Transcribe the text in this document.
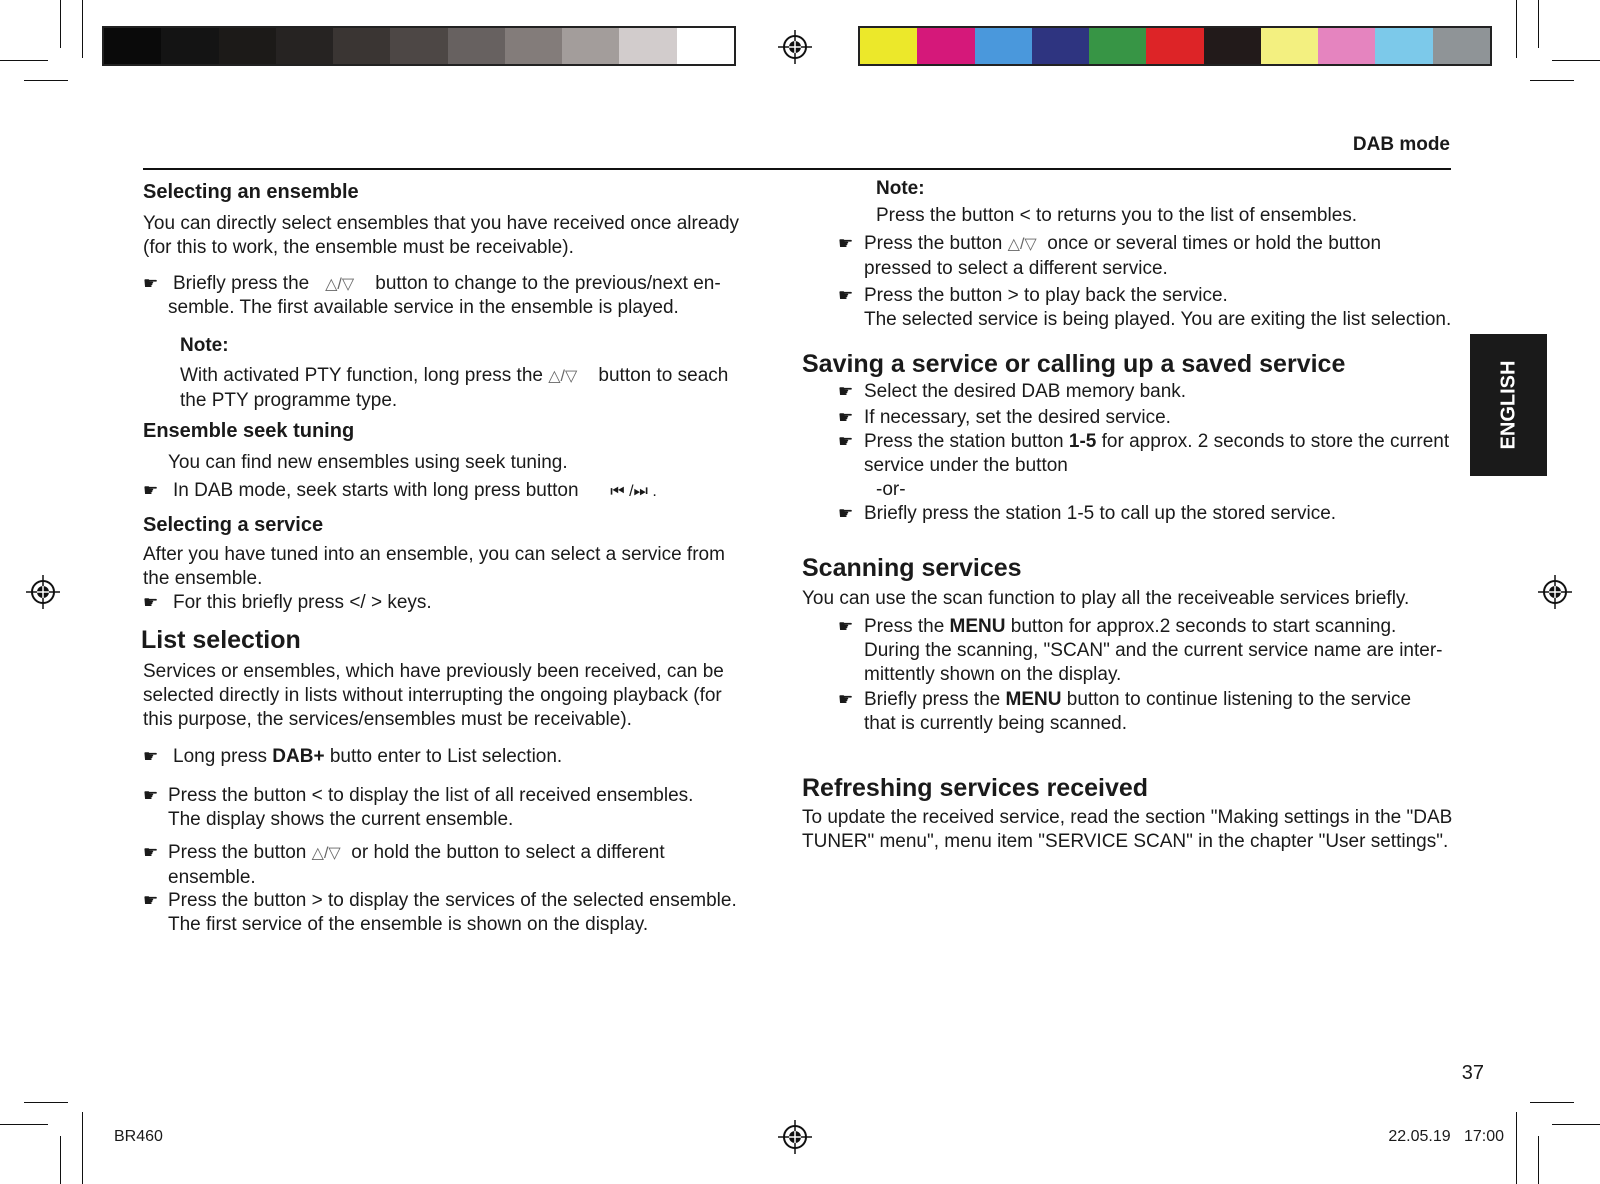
DAB mode
ENGLISH
Selecting an ensemble

You can directly select ensembles that you have received once already

(for this to work, the ensemble must be receivable).

☛ Briefly press the △/▽ button to change to the previous/next en-

semble. The first available service in the ensemble is played.
Note:

With activated PTY function, long press the △/▽ button to seach

the PTY programme type.

Ensemble seek tuning
You can find new ensembles using seek tuning.
☛ In DAB mode, seek starts with long press button ⏮ /⏭ .
Selecting a service

After you have tuned into an ensemble, you can select a service from

the ensemble.

☛ For this briefly press </ > keys.
List selection

Services or ensembles, which have previously been received, can be

selected directly in lists without interrupting the ongoing playback (for

this purpose, the services/ensembles must be receivable).

☛ Long press DAB+ butto enter to List selection.
☛ Press the button < to display the list of all received ensembles.

The display shows the current ensemble.

☛ Press the button △/▽ or hold the button to select a different

ensemble.

☛ Press the button > to display the services of the selected ensemble.

The first service of the ensemble is shown on the display.

Note:
Press the button < to returns you to the list of ensembles.
☛ Press the button △/▽ once or several times or hold the button

pressed to select a different service.

☛ Press the button > to play back the service.

The selected service is being played. You are exiting the list selection.

Saving a service or calling up a saved service
☛ Select the desired DAB memory bank.
☛ If necessary, set the desired service.
☛ Press the station button 1-5 for approx. 2 seconds to store the current

service under the button

-or-

☛ Briefly press the station 1-5 to call up the stored service.
Scanning services
You can use the scan function to play all the receiveable services briefly.
☛ Press the MENU button for approx.2 seconds to start scanning.

During the scanning, "SCAN" and the current service name are inter-

mittently shown on the display.

☛ Briefly press the MENU button to continue listening to the service

that is currently being scanned.

Refreshing services received

To update the received service, read the section "Making settings in the "DAB

TUNER" menu", menu item "SERVICE SCAN" in the chapter "User settings".

37
BR460	22.05.19   17:00
